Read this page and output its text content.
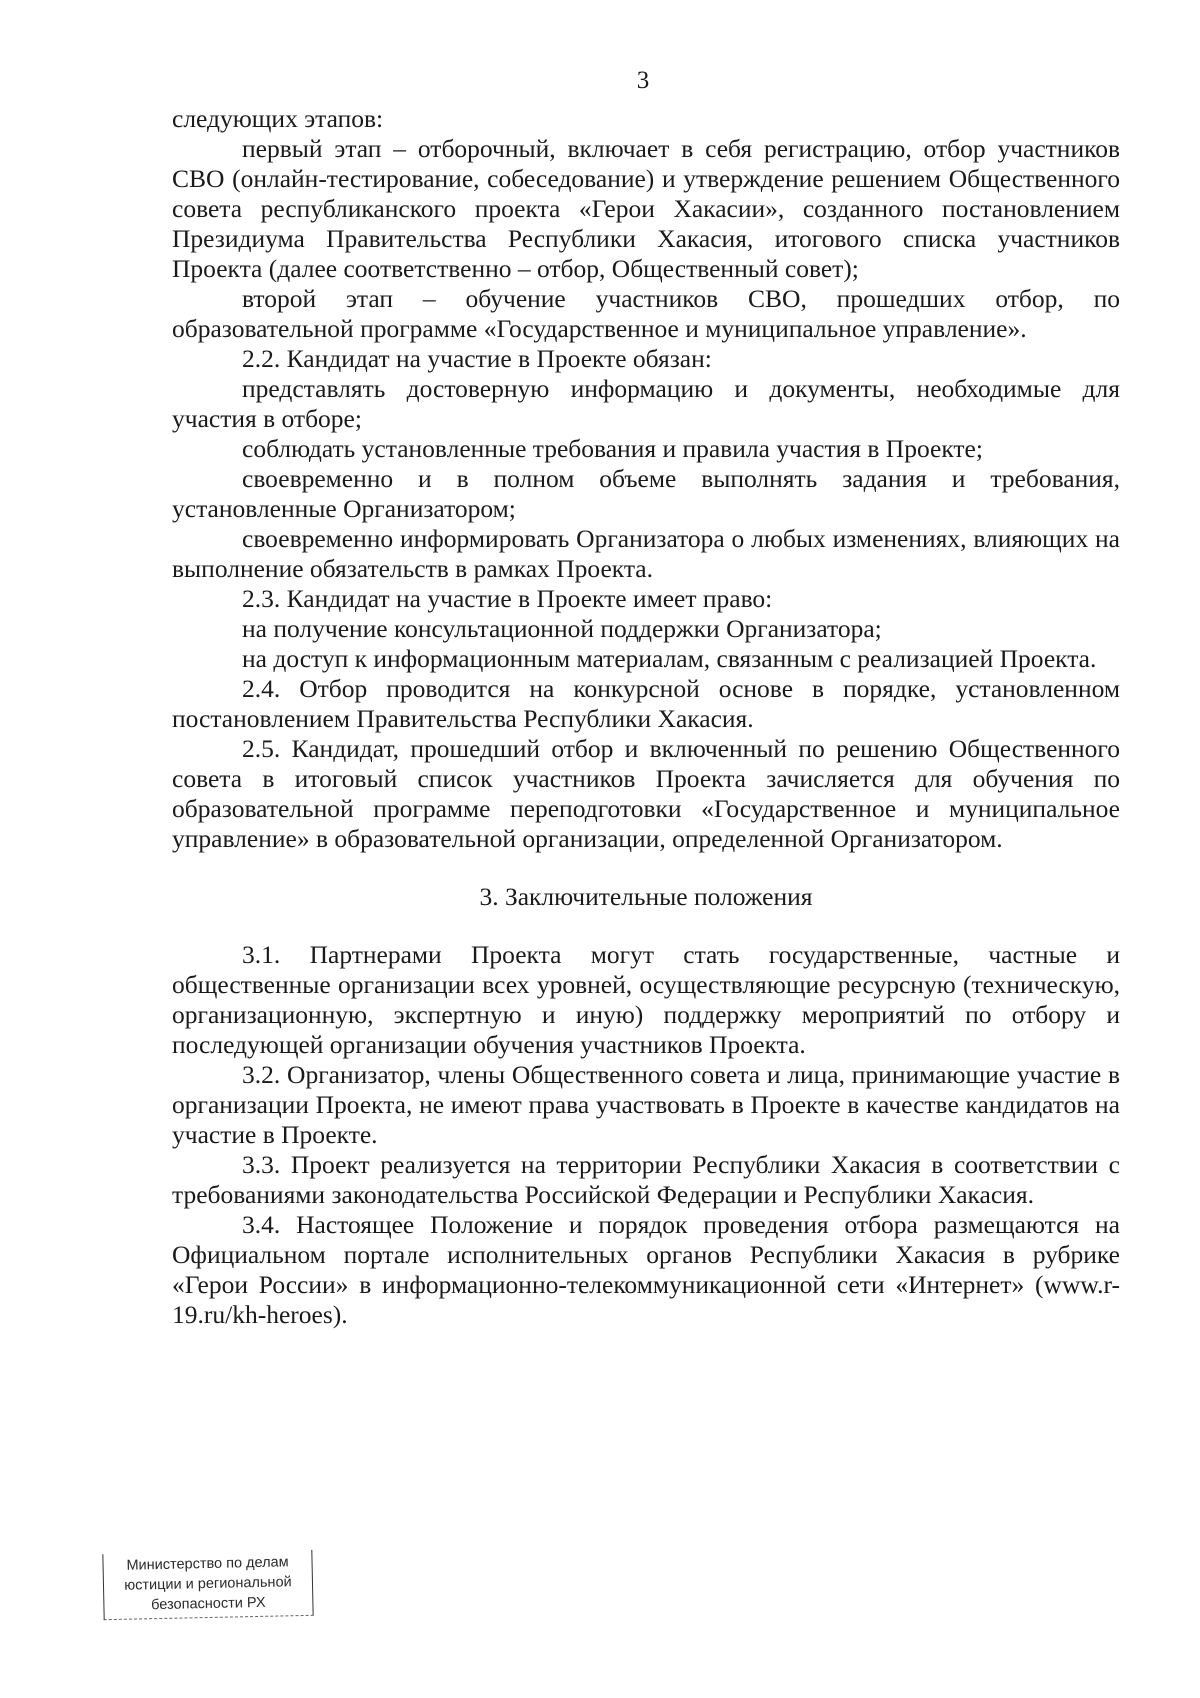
3

следующих этапов:

первый этап – отборочный, включает в себя регистрацию, отбор участников СВО (онлайн-тестирование, собеседование) и утверждение решением Общественного совета республиканского проекта «Герои Хакасии», созданного постановлением Президиума Правительства Республики Хакасия, итогового списка участников Проекта (далее соответственно – отбор, Общественный совет);

второй этап – обучение участников СВО, прошедших отбор, по образовательной программе «Государственное и муниципальное управление».

2.2. Кандидат на участие в Проекте обязан:

представлять достоверную информацию и документы, необходимые для участия в отборе;

соблюдать установленные требования и правила участия в Проекте;

своевременно и в полном объеме выполнять задания и требования, установленные Организатором;

своевременно информировать Организатора о любых изменениях, влияющих на выполнение обязательств в рамках Проекта.

2.3. Кандидат на участие в Проекте имеет право:

на получение консультационной поддержки Организатора;

на доступ к информационным материалам, связанным с реализацией Проекта.

2.4. Отбор проводится на конкурсной основе в порядке, установленном постановлением Правительства Республики Хакасия.

2.5. Кандидат, прошедший отбор и включенный по решению Общественного совета в итоговый список участников Проекта зачисляется для обучения по образовательной программе переподготовки «Государственное и муниципальное управление» в образовательной организации, определенной Организатором.

3. Заключительные положения

3.1. Партнерами Проекта могут стать государственные, частные и общественные организации всех уровней, осуществляющие ресурсную (техническую, организационную, экспертную и иную) поддержку мероприятий по отбору и последующей организации обучения участников Проекта.

3.2. Организатор, члены Общественного совета и лица, принимающие участие в организации Проекта, не имеют права участвовать в Проекте в качестве кандидатов на участие в Проекте.

3.3. Проект реализуется на территории Республики Хакасия в соответствии с требованиями законодательства Российской Федерации и Республики Хакасия.

3.4. Настоящее Положение и порядок проведения отбора размещаются на Официальном портале исполнительных органов Республики Хакасия в рубрике «Герои России» в информационно-телекоммуникационной сети «Интернет» (www.r-19.ru/kh-heroes).

Министерство по делам
юстиции и региональной
безопасности РХ
